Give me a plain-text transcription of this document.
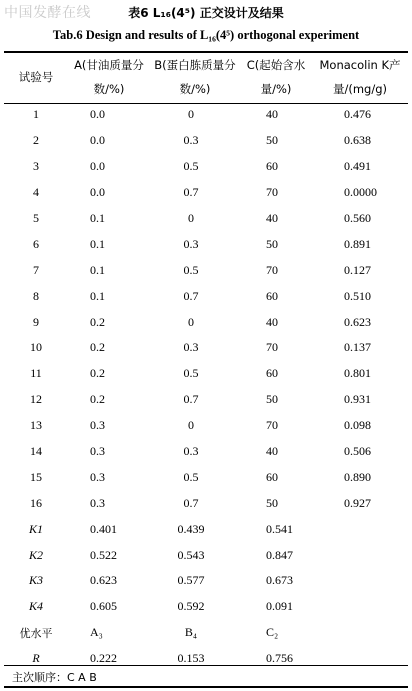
中国发酵在线	表6 L₁₆(4⁵) 正交设计及结果
Tab.6 Design and results of L₁₆(4⁵) orthogonal experiment
试验号	A(甘油质量分数/%)	B(蛋白胨质量分数/%)	C(起始含水量/%)	Monacolin K产量/(mg/g)
1	0.0	0	40	0.476
2	0.0	0.3	50	0.638
3	0.0	0.5	60	0.491
4	0.0	0.7	70	0.0000
5	0.1	0	40	0.560
6	0.1	0.3	50	0.891
7	0.1	0.5	70	0.127
8	0.1	0.7	60	0.510
9	0.2	0	40	0.623
10	0.2	0.3	70	0.137
11	0.2	0.5	60	0.801
12	0.2	0.7	50	0.931
13	0.3	0	70	0.098
14	0.3	0.3	40	0.506
15	0.3	0.5	60	0.890
16	0.3	0.7	50	0.927
K1	0.401	0.439	0.541	
K2	0.522	0.543	0.847	
K3	0.623	0.577	0.673	
K4	0.605	0.592	0.091	
优水平	A₃	B₄	C₂	
R	0.222	0.153	0.756	
主次顺序：C A B
